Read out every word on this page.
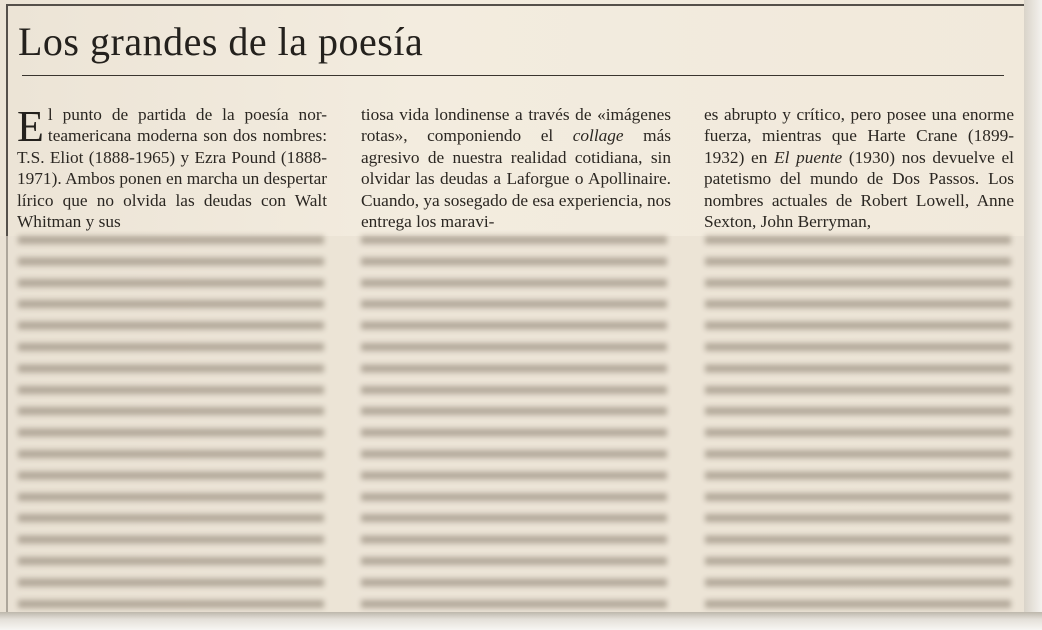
Los grandes de la poesía

El punto de partida de la poesía nor-teamericana moderna son dos nombres: T.S. Eliot (1888-1965) y Ezra Pound (1888-1971). Ambos ponen en marcha un despertar lírico que no olvida las deudas con Walt Whitman y sus

tiosa vida londinense a través de «imágenes rotas», componiendo el collage más agresivo de nuestra realidad cotidiana, sin olvidar las deudas a Laforgue o Apollinaire. Cuando, ya sosegado de esa experiencia, nos entrega los maravi-

es abrupto y crítico, pero posee una enorme fuerza, mientras que Harte Crane (1899-1932) en El puente (1930) nos devuelve el patetismo del mundo de Dos Passos. Los nombres actuales de Robert Lowell, Anne Sexton, John Berryman,
